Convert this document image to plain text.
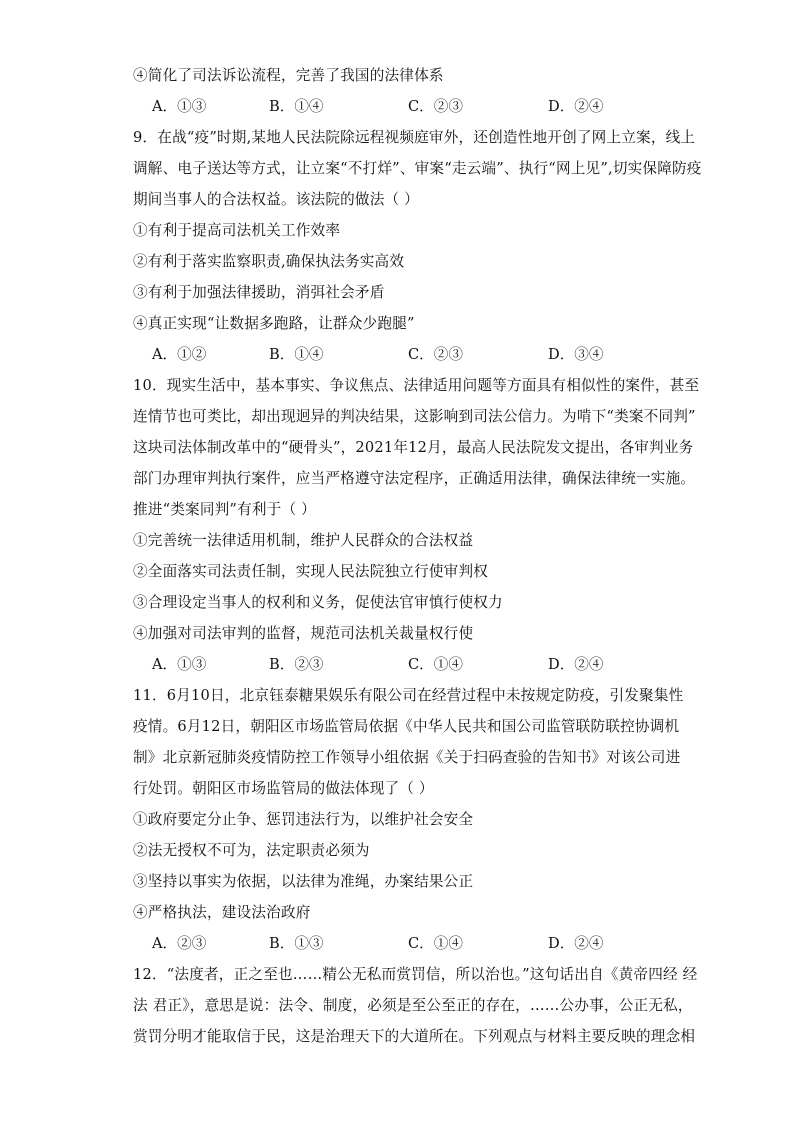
④简化了司法诉讼流程，完善了我国的法律体系
A．①③	B．①④	C．②③	D．②④
9．在战“疫”时期,某地人民法院除远程视频庭审外，还创造性地开创了网上立案，线上
调解、电子送达等方式，让立案“不打烊”、审案“走云端”、执行“网上见”,切实保障防疫
期间当事人的合法权益。该法院的做法（ ）
①有利于提高司法机关工作效率
②有利于落实监察职责,确保执法务实高效
③有利于加强法律援助，消弭社会矛盾
④真正实现“让数据多跑路，让群众少跑腿”
A．①②	B．①④	C．②③	D．③④
10．现实生活中，基本事实、争议焦点、法律适用问题等方面具有相似性的案件，甚至
连情节也可类比，却出现迥异的判决结果，这影响到司法公信力。为啃下“类案不同判”
这块司法体制改革中的“硬骨头”，2021年12月，最高人民法院发文提出，各审判业务
部门办理审判执行案件，应当严格遵守法定程序，正确适用法律，确保法律统一实施。
推进“类案同判”有利于（ ）
①完善统一法律适用机制，维护人民群众的合法权益
②全面落实司法责任制，实现人民法院独立行使审判权
③合理设定当事人的权利和义务，促使法官审慎行使权力
④加强对司法审判的监督，规范司法机关裁量权行使
A．①③	B．②③	C．①④	D．②④
11．6月10日，北京钰泰糖果娱乐有限公司在经营过程中未按规定防疫，引发聚集性
疫情。6月12日，朝阳区市场监管局依据《中华人民共和国公司监管联防联控协调机
制》北京新冠肺炎疫情防控工作领导小组依据《关于扫码查验的告知书》对该公司进
行处罚。朝阳区市场监管局的做法体现了（ ）
①政府要定分止争、惩罚违法行为，以维护社会安全
②法无授权不可为，法定职责必须为
③坚持以事实为依据，以法律为准绳，办案结果公正
④严格执法，建设法治政府
A．②③	B．①③	C．①④	D．②④
12．“法度者，正之至也……精公无私而赏罚信，所以治也。”这句话出自《黄帝四经 经
法 君正》，意思是说：法令、制度，必须是至公至正的存在，……公办事，公正无私，
赏罚分明才能取信于民，这是治理天下的大道所在。下列观点与材料主要反映的理念相
